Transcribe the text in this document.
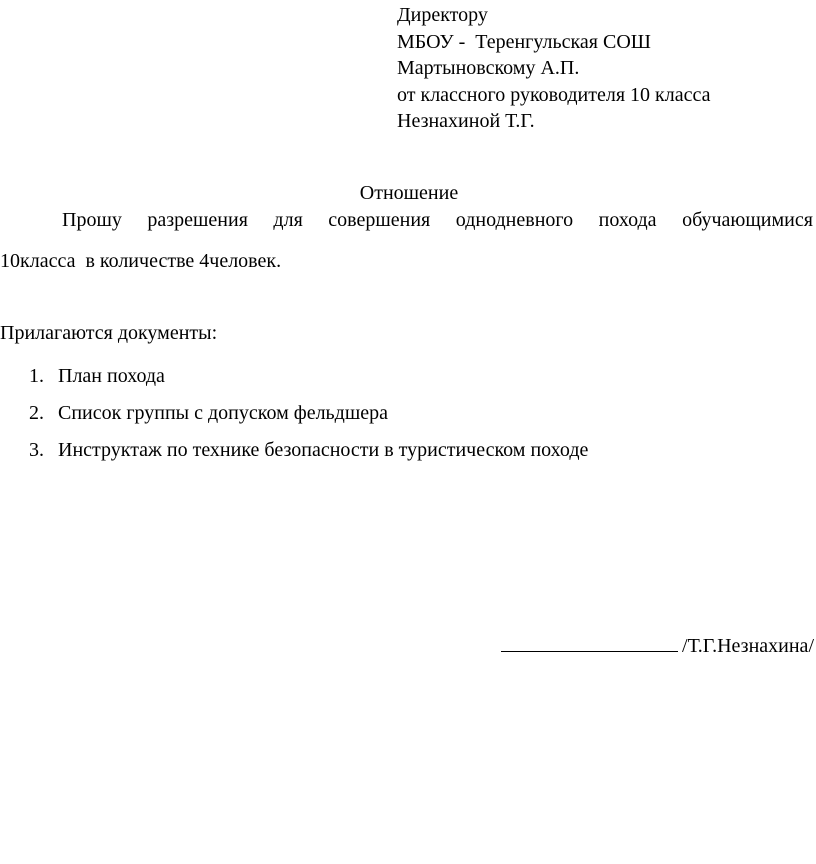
Директору
МБОУ -  Теренгульская СОШ
Мартыновскому А.П.
от классного руководителя 10 класса
Незнахиной Т.Г.
Отношение
Прошу разрешения для совершения однодневного похода обучающимися
10класса  в количестве 4человек.
Прилагаются документы:
1. План похода
2. Список группы с допуском фельдшера
3. Инструктаж по технике безопасности в туристическом походе
/Т.Г.Незнахина/
